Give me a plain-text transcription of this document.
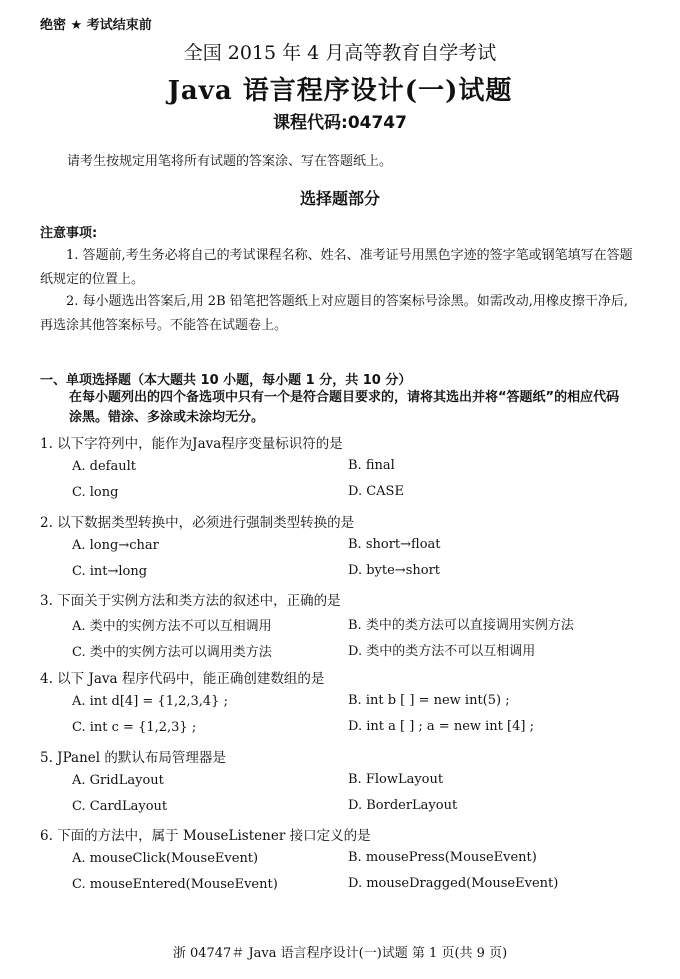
绝密 ★ 考试结束前
全国 2015 年 4 月高等教育自学考试
Java 语言程序设计(一)试题
课程代码:04747
请考生按规定用笔将所有试题的答案涂、写在答题纸上。
选择题部分
注意事项:
1. 答题前,考生务必将自己的考试课程名称、姓名、准考证号用黑色字迹的签字笔或钢笔填写在答题纸规定的位置上。
2. 每小题选出答案后,用 2B 铅笔把答题纸上对应题目的答案标号涂黑。如需改动,用橡皮擦干净后,再选涂其他答案标号。不能答在试题卷上。
一、单项选择题（本大题共 10 小题，每小题 1 分，共 10 分）
在每小题列出的四个备选项中只有一个是符合题目要求的，请将其选出并将“答题纸”的相应代码涂黑。错涂、多涂或未涂均无分。
1. 以下字符列中，能作为Java程序变量标识符的是
A. default	B. final
C. long	D. CASE
2. 以下数据类型转换中，必须进行强制类型转换的是
A. long→char	B. short→float
C. int→long	D. byte→short
3. 下面关于实例方法和类方法的叙述中，正确的是
A. 类中的实例方法不可以互相调用	B. 类中的类方法可以直接调用实例方法
C. 类中的实例方法可以调用类方法	D. 类中的类方法不可以互相调用
4. 以下 Java 程序代码中，能正确创建数组的是
A. int d[4] = {1,2,3,4} ;	B. int b [ ] = new int(5) ;
C. int c = {1,2,3} ;	D. int a [ ] ; a = new int [4] ;
5. JPanel 的默认布局管理器是
A. GridLayout	B. FlowLayout
C. CardLayout	D. BorderLayout
6. 下面的方法中，属于 MouseListener 接口定义的是
A. mouseClick(MouseEvent)	B. mousePress(MouseEvent)
C. mouseEntered(MouseEvent)	D. mouseDragged(MouseEvent)
浙 04747＃ Java 语言程序设计(一)试题 第 1 页(共 9 页)
